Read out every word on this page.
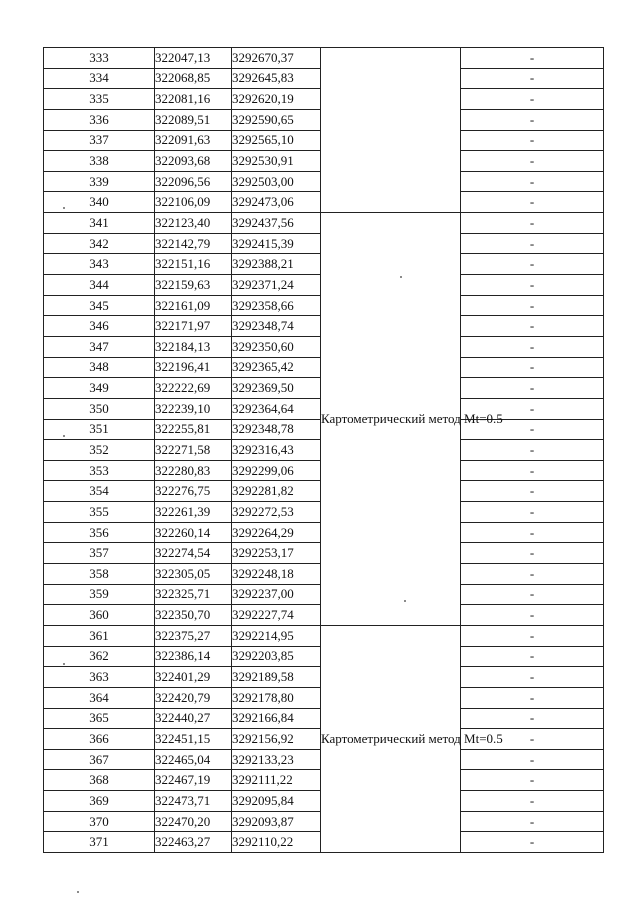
333	322047,13	3292670,37		-
334	322068,85	3292645,83		-
335	322081,16	3292620,19		-
336	322089,51	3292590,65		-
337	322091,63	3292565,10		-
338	322093,68	3292530,91		-
339	322096,56	3292503,00		-
340	322106,09	3292473,06		-
341	322123,40	3292437,56	Картометрический метод Mt=0.5	-
342	322142,79	3292415,39		-
343	322151,16	3292388,21		-
344	322159,63	3292371,24		-
345	322161,09	3292358,66		-
346	322171,97	3292348,74		-
347	322184,13	3292350,60		-
348	322196,41	3292365,42		-
349	322222,69	3292369,50		-
350	322239,10	3292364,64		-
351	322255,81	3292348,78		-
352	322271,58	3292316,43		-
353	322280,83	3292299,06		-
354	322276,75	3292281,82		-
355	322261,39	3292272,53		-
356	322260,14	3292264,29		-
357	322274,54	3292253,17		-
358	322305,05	3292248,18		-
359	322325,71	3292237,00		-
360	322350,70	3292227,74		-
361	322375,27	3292214,95	Картометрический метод Mt=0.5	-
362	322386,14	3292203,85		-
363	322401,29	3292189,58		-
364	322420,79	3292178,80		-
365	322440,27	3292166,84		-
366	322451,15	3292156,92		-
367	322465,04	3292133,23		-
368	322467,19	3292111,22		-
369	322473,71	3292095,84		-
370	322470,20	3292093,87		-
371	322463,27	3292110,22		-
